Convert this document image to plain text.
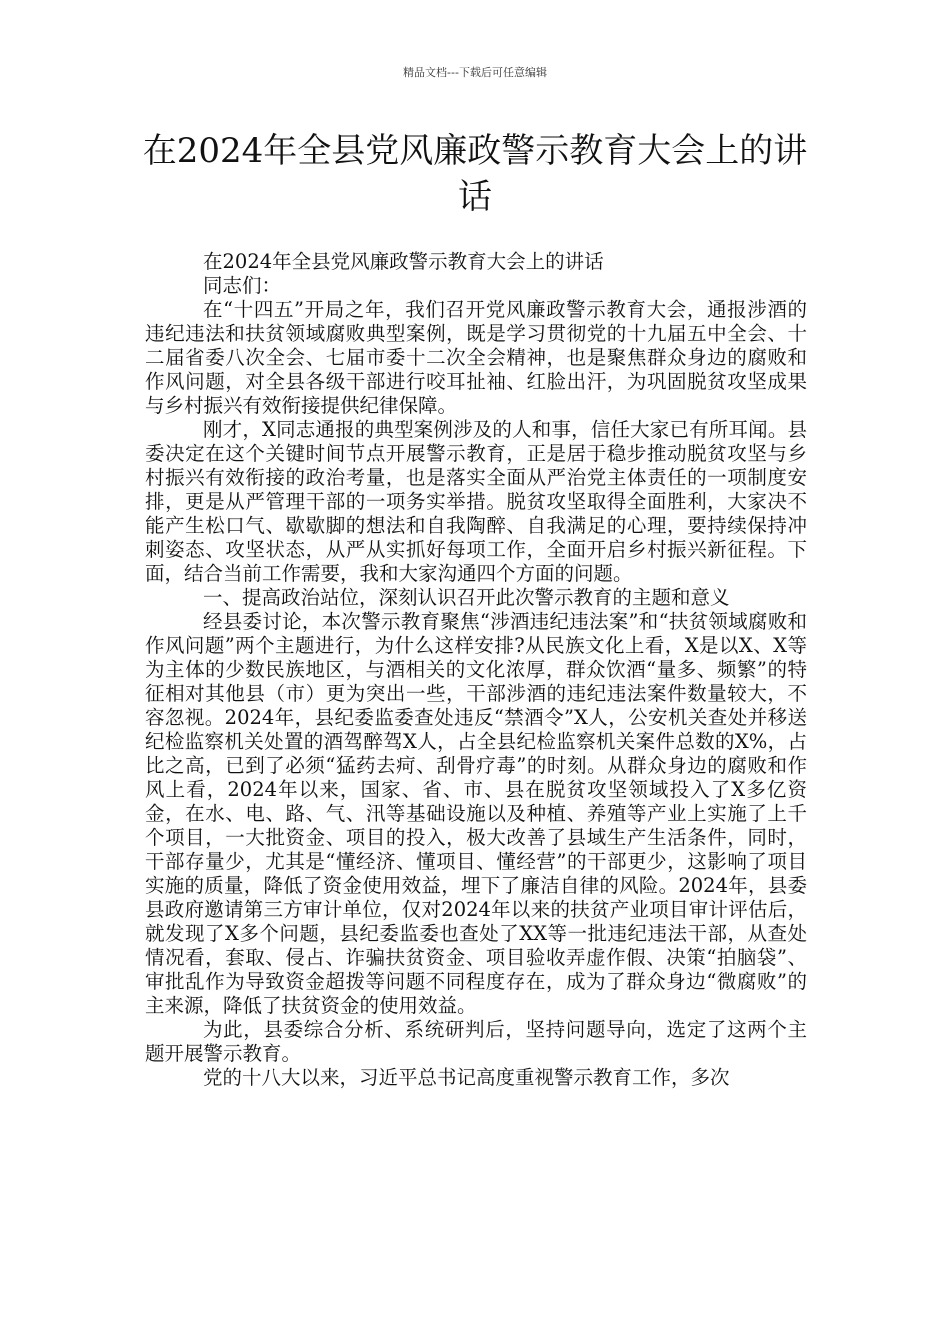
精品文档---下载后可任意编辑
在2024年全县党风廉政警示教育大会上的讲话

在2024年全县党风廉政警示教育大会上的讲话

同志们：

在“十四五”开局之年，我们召开党风廉政警示教育大会，通报涉酒的违纪违法和扶贫领域腐败典型案例，既是学习贯彻党的十九届五中全会、十二届省委八次全会、七届市委十二次全会精神，也是聚焦群众身边的腐败和作风问题，对全县各级干部进行咬耳扯袖、红脸出汗，为巩固脱贫攻坚成果与乡村振兴有效衔接提供纪律保障。

刚才，X同志通报的典型案例涉及的人和事，信任大家已有所耳闻。县委决定在这个关键时间节点开展警示教育，正是居于稳步推动脱贫攻坚与乡村振兴有效衔接的政治考量，也是落实全面从严治党主体责任的一项制度安排，更是从严管理干部的一项务实举措。脱贫攻坚取得全面胜利，大家决不能产生松口气、歇歇脚的想法和自我陶醉、自我满足的心理，要持续保持冲刺姿态、攻坚状态，从严从实抓好每项工作，全面开启乡村振兴新征程。下面，结合当前工作需要，我和大家沟通四个方面的问题。

一、提高政治站位，深刻认识召开此次警示教育的主题和意义

经县委讨论，本次警示教育聚焦“涉酒违纪违法案”和“扶贫领域腐败和作风问题”两个主题进行，为什么这样安排?从民族文化上看，X是以X、X等为主体的少数民族地区，与酒相关的文化浓厚，群众饮酒“量多、频繁”的特征相对其他县（市）更为突出一些，干部涉酒的违纪违法案件数量较大，不容忽视。2024年，县纪委监委查处违反“禁酒令”X人，公安机关查处并移送纪检监察机关处置的酒驾醉驾X人，占全县纪检监察机关案件总数的X%，占比之高，已到了必须“猛药去疴、刮骨疗毒”的时刻。从群众身边的腐败和作风上看，2024年以来，国家、省、市、县在脱贫攻坚领域投入了X多亿资金，在水、电、路、气、汛等基础设施以及种植、养殖等产业上实施了上千个项目，一大批资金、项目的投入，极大改善了县域生产生活条件，同时，干部存量少，尤其是“懂经济、懂项目、懂经营”的干部更少，这影响了项目实施的质量，降低了资金使用效益，埋下了廉洁自律的风险。2024年，县委县政府邀请第三方审计单位，仅对2024年以来的扶贫产业项目审计评估后，就发现了X多个问题，县纪委监委也查处了XX等一批违纪违法干部，从查处情况看，套取、侵占、诈骗扶贫资金、项目验收弄虚作假、决策“拍脑袋”、审批乱作为导致资金超拨等问题不同程度存在，成为了群众身边“微腐败”的主来源，降低了扶贫资金的使用效益。

为此，县委综合分析、系统研判后，坚持问题导向，选定了这两个主题开展警示教育。

党的十八大以来，习近平总书记高度重视警示教育工作，多次
